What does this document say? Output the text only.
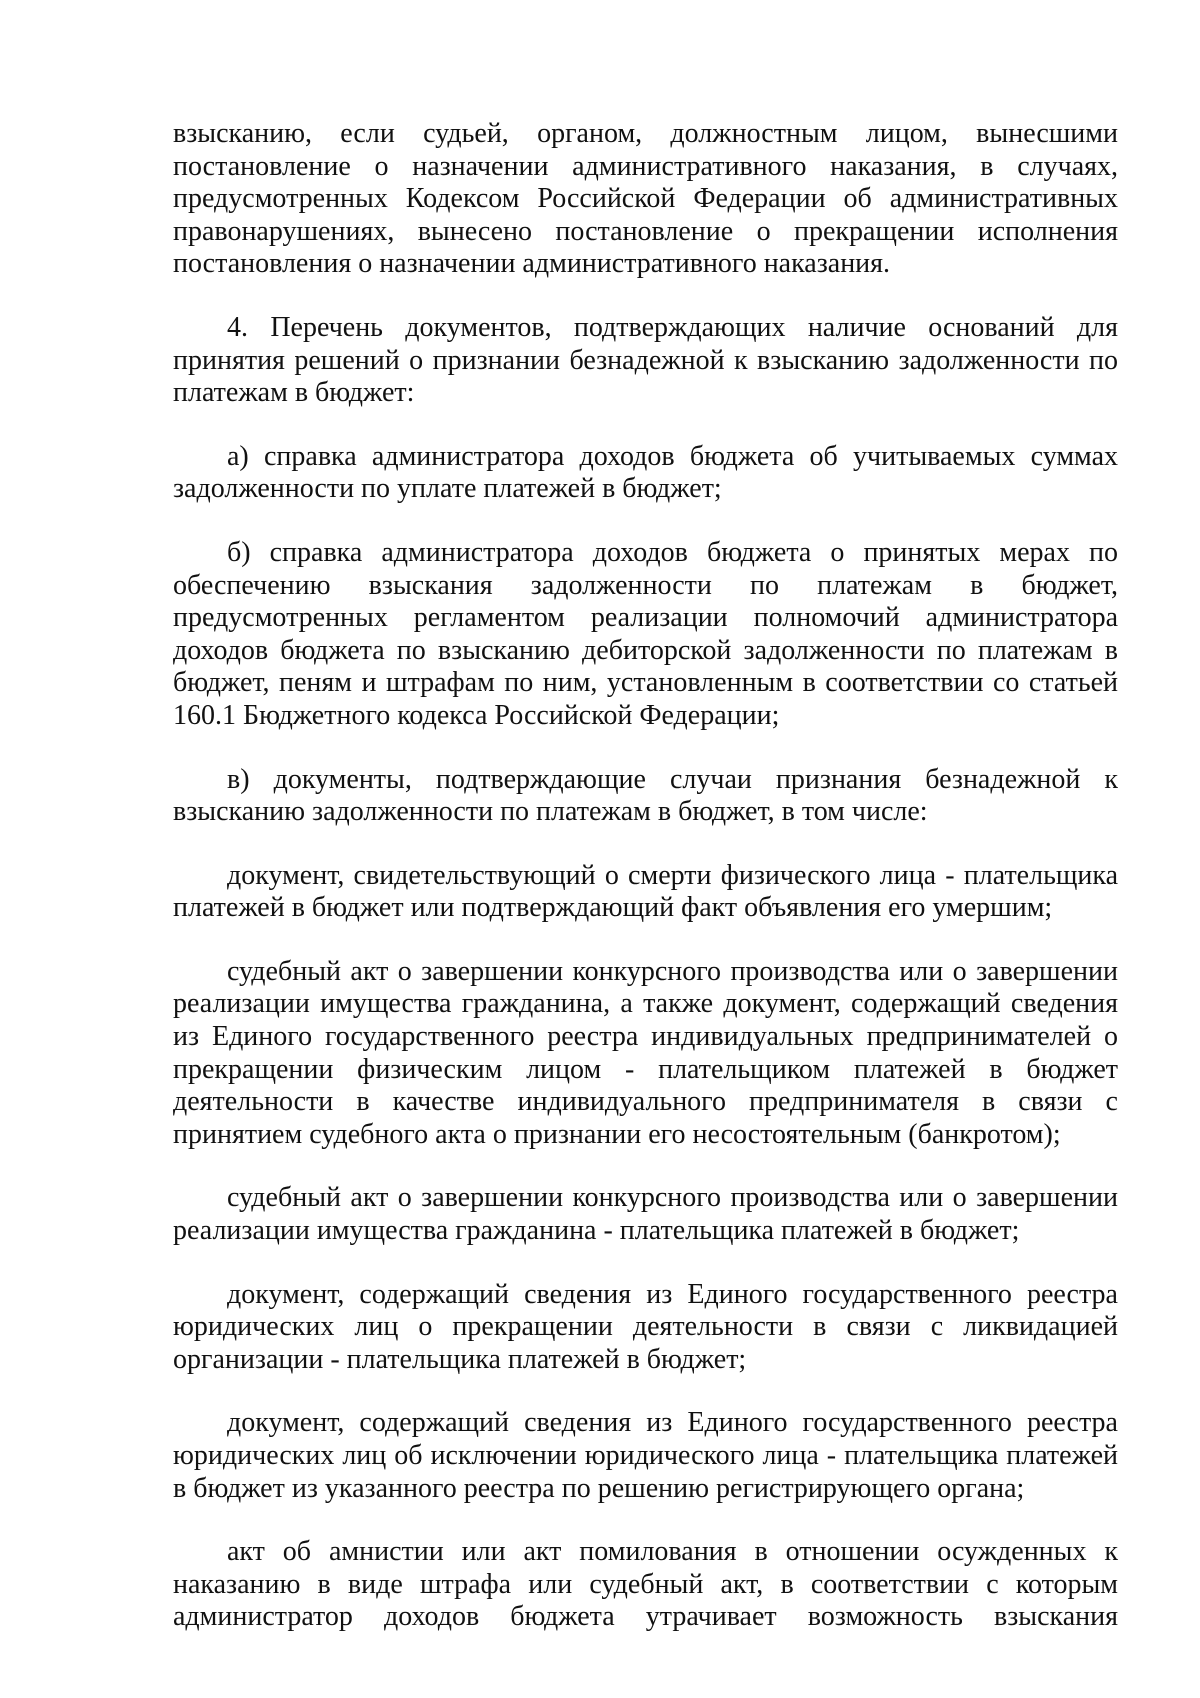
взысканию, если судьей, органом, должностным лицом, вынесшими постановление о назначении административного наказания, в случаях, предусмотренных Кодексом Российской Федерации об административных правонарушениях, вынесено постановление о прекращении исполнения постановления о назначении административного наказания.

4. Перечень документов, подтверждающих наличие оснований для принятия решений о признании безнадежной к взысканию задолженности по платежам в бюджет:

а) справка администратора доходов бюджета об учитываемых суммах задолженности по уплате платежей в бюджет;

б) справка администратора доходов бюджета о принятых мерах по обеспечению взыскания задолженности по платежам в бюджет, предусмотренных регламентом реализации полномочий администратора доходов бюджета по взысканию дебиторской задолженности по платежам в бюджет, пеням и штрафам по ним, установленным в соответствии со статьей 160.1 Бюджетного кодекса Российской Федерации;

в) документы, подтверждающие случаи признания безнадежной к взысканию задолженности по платежам в бюджет, в том числе:

документ, свидетельствующий о смерти физического лица - плательщика платежей в бюджет или подтверждающий факт объявления его умершим;

судебный акт о завершении конкурсного производства или о завершении реализации имущества гражданина, а также документ, содержащий сведения из Единого государственного реестра индивидуальных предпринимателей о прекращении физическим лицом - плательщиком платежей в бюджет деятельности в качестве индивидуального предпринимателя в связи с принятием судебного акта о признании его несостоятельным (банкротом);

судебный акт о завершении конкурсного производства или о завершении реализации имущества гражданина - плательщика платежей в бюджет;

документ, содержащий сведения из Единого государственного реестра юридических лиц о прекращении деятельности в связи с ликвидацией организации - плательщика платежей в бюджет;

документ, содержащий сведения из Единого государственного реестра юридических лиц об исключении юридического лица - плательщика платежей в бюджет из указанного реестра по решению регистрирующего органа;

акт об амнистии или акт помилования в отношении осужденных к наказанию в виде штрафа или судебный акт, в соответствии с которым администратор доходов бюджета утрачивает возможность взыскания
